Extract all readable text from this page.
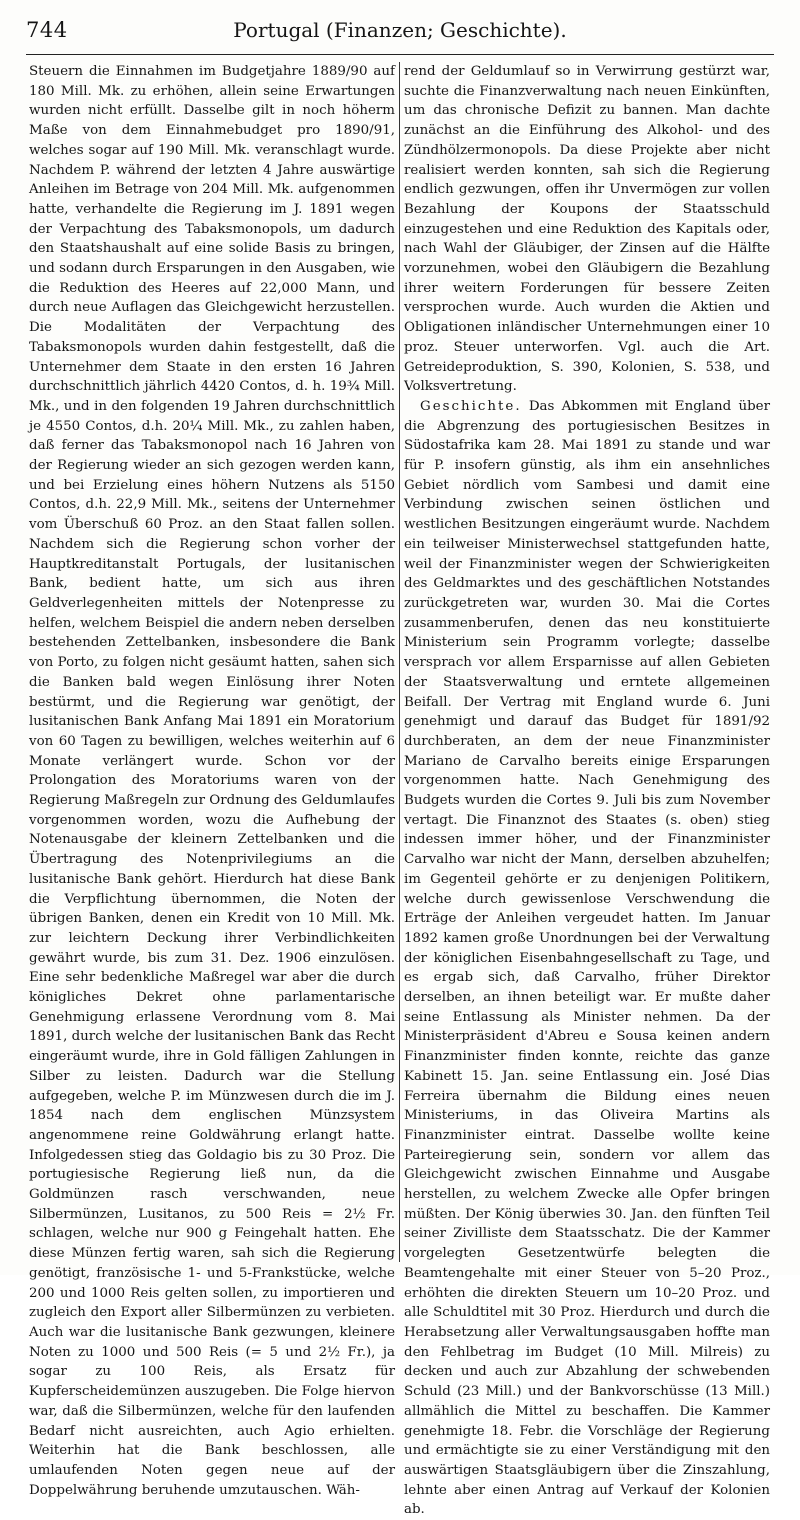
744	Portugal (Finanzen; Geschichte).

Steuern die Einnahmen im Budgetjahre 1889/90 auf 180 Mill. Mk. zu erhöhen, allein seine Erwartungen wurden nicht erfüllt. Dasselbe gilt in noch höherm Maße von dem Einnahmebudget pro 1890/91, welches sogar auf 190 Mill. Mk. veranschlagt wurde. Nachdem P. während der letzten 4 Jahre auswärtige Anleihen im Betrage von 204 Mill. Mk. aufgenommen hatte, verhandelte die Regierung im J. 1891 wegen der Verpachtung des Tabaksmonopols, um dadurch den Staatshaushalt auf eine solide Basis zu bringen, und sodann durch Ersparungen in den Ausgaben, wie die Reduktion des Heeres auf 22,000 Mann, und durch neue Auflagen das Gleichgewicht herzustellen. Die Modalitäten der Verpachtung des Tabaksmonopols wurden dahin festgestellt, daß die Unternehmer dem Staate in den ersten 16 Jahren durchschnittlich jährlich 4420 Contos, d. h. 19¾ Mill. Mk., und in den folgenden 19 Jahren durchschnittlich je 4550 Contos, d.h. 20¼ Mill. Mk., zu zahlen haben, daß ferner das Tabaksmonopol nach 16 Jahren von der Regierung wieder an sich gezogen werden kann, und bei Erzielung eines höhern Nutzens als 5150 Contos, d.h. 22,9 Mill. Mk., seitens der Unternehmer vom Überschuß 60 Proz. an den Staat fallen sollen. Nachdem sich die Regierung schon vorher der Hauptkreditanstalt Portugals, der lusitanischen Bank, bedient hatte, um sich aus ihren Geldverlegenheiten mittels der Notenpresse zu helfen, welchem Beispiel die andern neben derselben bestehenden Zettelbanken, insbesondere die Bank von Porto, zu folgen nicht gesäumt hatten, sahen sich die Banken bald wegen Einlösung ihrer Noten bestürmt, und die Regierung war genötigt, der lusitanischen Bank Anfang Mai 1891 ein Moratorium von 60 Tagen zu bewilligen, welches weiterhin auf 6 Monate verlängert wurde. Schon vor der Prolongation des Moratoriums waren von der Regierung Maßregeln zur Ordnung des Geldumlaufes vorgenommen worden, wozu die Aufhebung der Notenausgabe der kleinern Zettelbanken und die Übertragung des Notenprivilegiums an die lusitanische Bank gehört. Hierdurch hat diese Bank die Verpflichtung übernommen, die Noten der übrigen Banken, denen ein Kredit von 10 Mill. Mk. zur leichtern Deckung ihrer Verbindlichkeiten gewährt wurde, bis zum 31. Dez. 1906 einzulösen. Eine sehr bedenkliche Maßregel war aber die durch königliches Dekret ohne parlamentarische Genehmigung erlassene Verordnung vom 8. Mai 1891, durch welche der lusitanischen Bank das Recht eingeräumt wurde, ihre in Gold fälligen Zahlungen in Silber zu leisten. Dadurch war die Stellung aufgegeben, welche P. im Münzwesen durch die im J. 1854 nach dem englischen Münzsystem angenommene reine Goldwährung erlangt hatte. Infolgedessen stieg das Goldagio bis zu 30 Proz. Die portugiesische Regierung ließ nun, da die Goldmünzen rasch verschwanden, neue Silbermünzen, Lusitanos, zu 500 Reis = 2½ Fr. schlagen, welche nur 900 g Feingehalt hatten. Ehe diese Münzen fertig waren, sah sich die Regierung genötigt, französische 1- und 5-Frankstücke, welche 200 und 1000 Reis gelten sollen, zu importieren und zugleich den Export aller Silbermünzen zu verbieten. Auch war die lusitanische Bank gezwungen, kleinere Noten zu 1000 und 500 Reis (= 5 und 2½ Fr.), ja sogar zu 100 Reis, als Ersatz für Kupferscheidemünzen auszugeben. Die Folge hiervon war, daß die Silbermünzen, welche für den laufenden Bedarf nicht ausreichten, auch Agio erhielten. Weiterhin hat die Bank beschlossen, alle umlaufenden Noten gegen neue auf der Doppelwährung beruhende umzutauschen. Wäh-

rend der Geldumlauf so in Verwirrung gestürzt war, suchte die Finanzverwaltung nach neuen Einkünften, um das chronische Defizit zu bannen. Man dachte zunächst an die Einführung des Alkohol- und des Zündhölzermonopols. Da diese Projekte aber nicht realisiert werden konnten, sah sich die Regierung endlich gezwungen, offen ihr Unvermögen zur vollen Bezahlung der Koupons der Staatsschuld einzugestehen und eine Reduktion des Kapitals oder, nach Wahl der Gläubiger, der Zinsen auf die Hälfte vorzunehmen, wobei den Gläubigern die Bezahlung ihrer weitern Forderungen für bessere Zeiten versprochen wurde. Auch wurden die Aktien und Obligationen inländischer Unternehmungen einer 10 proz. Steuer unterworfen. Vgl. auch die Art. Getreideproduktion, S. 390, Kolonien, S. 538, und Volksvertretung.

Geschichte. Das Abkommen mit England über die Abgrenzung des portugiesischen Besitzes in Südostafrika kam 28. Mai 1891 zu stande und war für P. insofern günstig, als ihm ein ansehnliches Gebiet nördlich vom Sambesi und damit eine Verbindung zwischen seinen östlichen und westlichen Besitzungen eingeräumt wurde. Nachdem ein teilweiser Ministerwechsel stattgefunden hatte, weil der Finanzminister wegen der Schwierigkeiten des Geldmarktes und des geschäftlichen Notstandes zurückgetreten war, wurden 30. Mai die Cortes zusammenberufen, denen das neu konstituierte Ministerium sein Programm vorlegte; dasselbe versprach vor allem Ersparnisse auf allen Gebieten der Staatsverwaltung und erntete allgemeinen Beifall. Der Vertrag mit England wurde 6. Juni genehmigt und darauf das Budget für 1891/92 durchberaten, an dem der neue Finanzminister Mariano de Carvalho bereits einige Ersparungen vorgenommen hatte. Nach Genehmigung des Budgets wurden die Cortes 9. Juli bis zum November vertagt. Die Finanznot des Staates (s. oben) stieg indessen immer höher, und der Finanzminister Carvalho war nicht der Mann, derselben abzuhelfen; im Gegenteil gehörte er zu denjenigen Politikern, welche durch gewissenlose Verschwendung die Erträge der Anleihen vergeudet hatten. Im Januar 1892 kamen große Unordnungen bei der Verwaltung der königlichen Eisenbahngesellschaft zu Tage, und es ergab sich, daß Carvalho, früher Direktor derselben, an ihnen beteiligt war. Er mußte daher seine Entlassung als Minister nehmen. Da der Ministerpräsident d'Abreu e Sousa keinen andern Finanzminister finden konnte, reichte das ganze Kabinett 15. Jan. seine Entlassung ein. José Dias Ferreira übernahm die Bildung eines neuen Ministeriums, in das Oliveira Martins als Finanzminister eintrat. Dasselbe wollte keine Parteiregierung sein, sondern vor allem das Gleichgewicht zwischen Einnahme und Ausgabe herstellen, zu welchem Zwecke alle Opfer bringen müßten. Der König überwies 30. Jan. den fünften Teil seiner Zivilliste dem Staatsschatz. Die der Kammer vorgelegten Gesetzentwürfe belegten die Beamtengehalte mit einer Steuer von 5–20 Proz., erhöhten die direkten Steuern um 10–20 Proz. und alle Schuldtitel mit 30 Proz. Hierdurch und durch die Herabsetzung aller Verwaltungsausgaben hoffte man den Fehlbetrag im Budget (10 Mill. Milreis) zu decken und auch zur Abzahlung der schwebenden Schuld (23 Mill.) und der Bankvorschüsse (13 Mill.) allmählich die Mittel zu beschaffen. Die Kammer genehmigte 18. Febr. die Vorschläge der Regierung und ermächtigte sie zu einer Verständigung mit den auswärtigen Staatsgläubigern über die Zinszahlung, lehnte aber einen Antrag auf Verkauf der Kolonien ab.
